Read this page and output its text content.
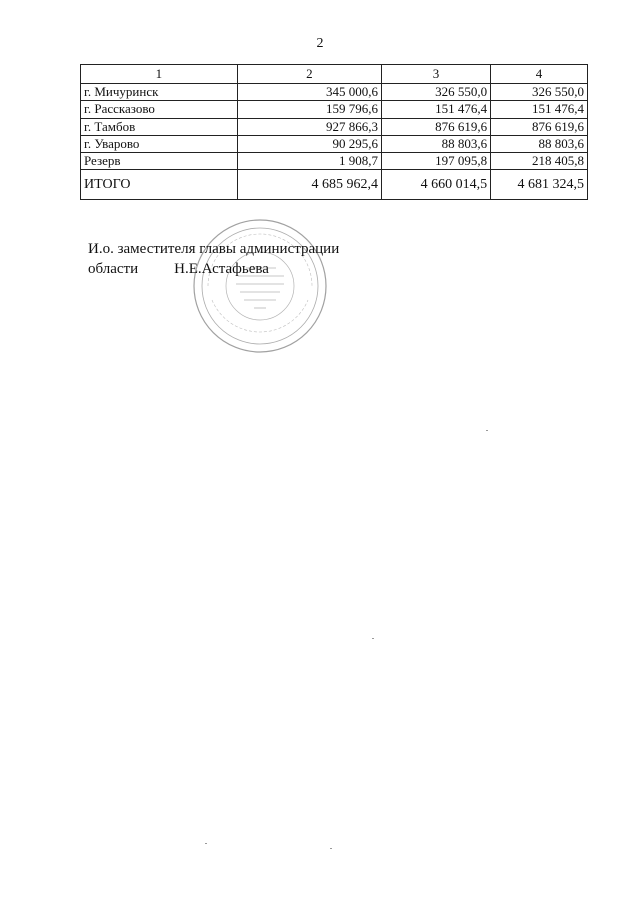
2
1	2	3	4
г. Мичуринск	345 000,6	326 550,0	326 550,0
г. Рассказово	159 796,6	151 476,4	151 476,4
г. Тамбов	927 866,3	876 619,6	876 619,6
г. Уварово	90 295,6	88 803,6	88 803,6
Резерв	1 908,7	197 095,8	218 405,8
ИТОГО	4 685 962,4	4 660 014,5	4 681 324,5
И.о. заместителя главы администрации
области Н.Е.Астафьева
